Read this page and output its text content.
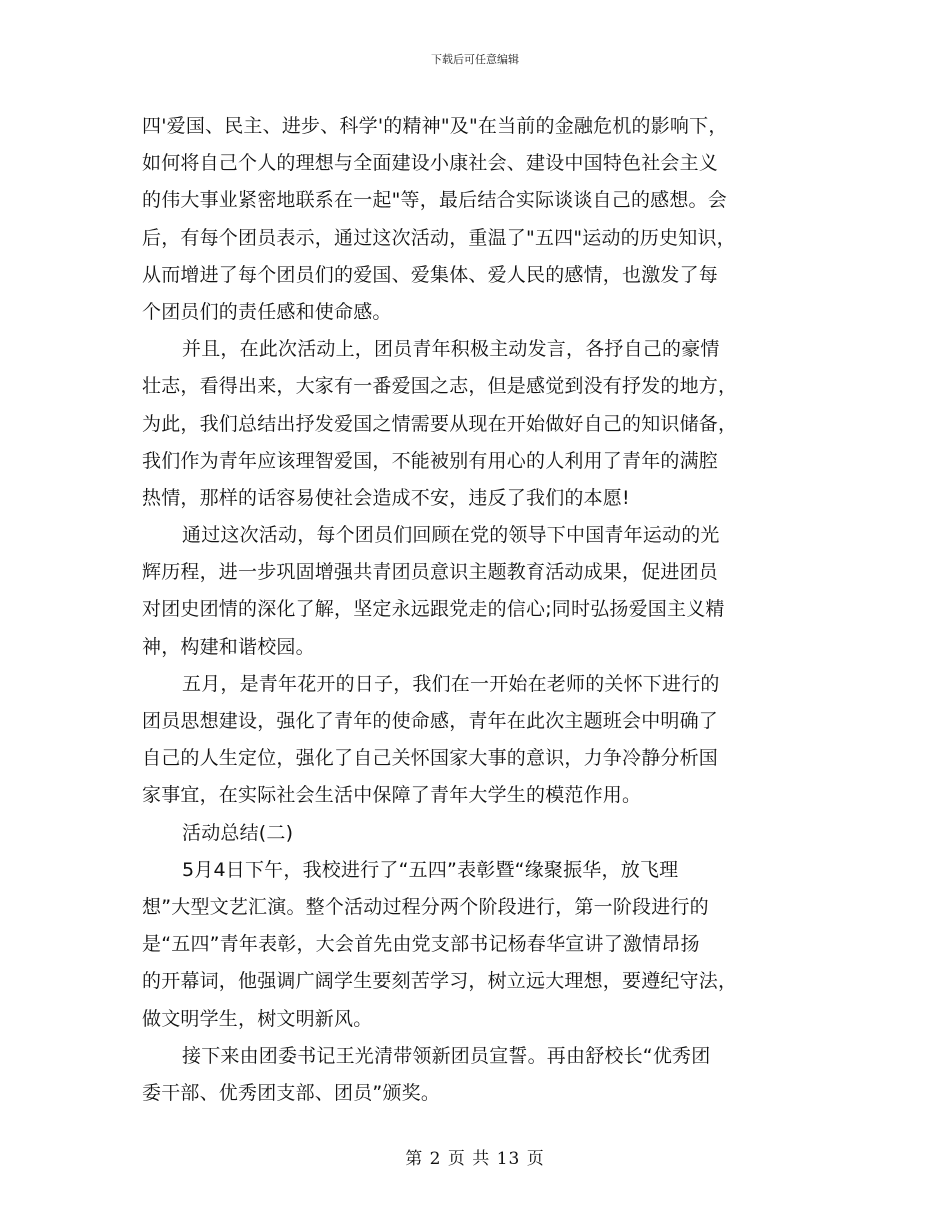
下载后可任意编辑
四'爱国、民主、进步、科学'的精神"及"在当前的金融危机的影响下，
如何将自己个人的理想与全面建设小康社会、建设中国特色社会主义
的伟大事业紧密地联系在一起"等，最后结合实际谈谈自己的感想。会
后，有每个团员表示，通过这次活动，重温了"五四"运动的历史知识，
从而增进了每个团员们的爱国、爱集体、爱人民的感情，也激发了每
个团员们的责任感和使命感。
并且，在此次活动上，团员青年积极主动发言，各抒自己的豪情
壮志，看得出来，大家有一番爱国之志，但是感觉到没有抒发的地方，
为此，我们总结出抒发爱国之情需要从现在开始做好自己的知识储备，
我们作为青年应该理智爱国，不能被别有用心的人利用了青年的满腔
热情，那样的话容易使社会造成不安，违反了我们的本愿!
通过这次活动，每个团员们回顾在党的领导下中国青年运动的光
辉历程，进一步巩固增强共青团员意识主题教育活动成果，促进团员
对团史团情的深化了解，坚定永远跟党走的信心;同时弘扬爱国主义精
神，构建和谐校园。
五月，是青年花开的日子，我们在一开始在老师的关怀下进行的
团员思想建设，强化了青年的使命感，青年在此次主题班会中明确了
自己的人生定位，强化了自己关怀国家大事的意识，力争冷静分析国
家事宜，在实际社会生活中保障了青年大学生的模范作用。
活动总结(二)
5月4日下午，我校进行了“五四”表彰暨“缘聚振华，放飞理
想”大型文艺汇演。整个活动过程分两个阶段进行，第一阶段进行的
是“五四”青年表彰，大会首先由党支部书记杨春华宣讲了激情昂扬
的开幕词，他强调广阔学生要刻苦学习，树立远大理想，要遵纪守法，
做文明学生，树文明新风。
接下来由团委书记王光清带领新团员宣誓。再由舒校长“优秀团
委干部、优秀团支部、团员”颁奖。
第 2 页 共 13 页
